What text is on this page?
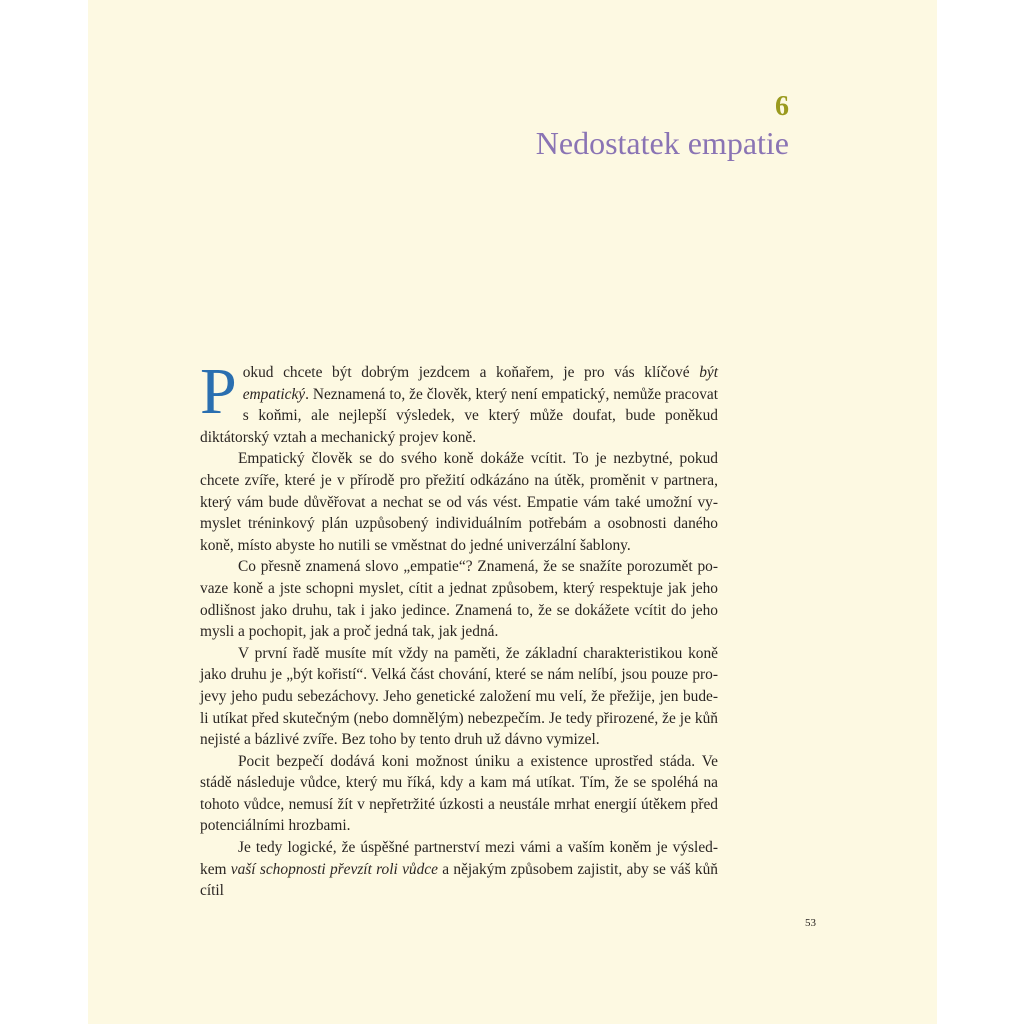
6
Nedostatek empatie

Pokud chcete být dobrým jezdcem a koňařem, je pro vás klíčové být empatický. Neznamená to, že člověk, který není empatický, nemůže pracovat s koňmi, ale nejlepší výsledek, ve který může doufat, bude poněkud diktátorský vztah a mechanický projev koně.

Empatický člověk se do svého koně dokáže vcítit. To je nezbytné, pokud chcete zvíře, které je v přírodě pro přežití odkázáno na útěk, proměnit v partnera, který vám bude důvěřovat a nechat se od vás vést. Empatie vám také umožní vymyslet tréninkový plán uzpůsobený individuálním potřebám a osobnosti daného koně, místo abyste ho nutili se vměstnat do jedné univerzální šablony.

Co přesně znamená slovo „empatie“? Znamená, že se snažíte porozumět povaze koně a jste schopni myslet, cítit a jednat způsobem, který respektuje jak jeho odlišnost jako druhu, tak i jako jedince. Znamená to, že se dokážete vcítit do jeho mysli a pochopit, jak a proč jedná tak, jak jedná.

V první řadě musíte mít vždy na paměti, že základní charakteristikou koně jako druhu je „být kořistí“. Velká část chování, které se nám nelíbí, jsou pouze projevy jeho pudu sebezáchovy. Jeho genetické založení mu velí, že přežije, jen bude-li utíkat před skutečným (nebo domnělým) nebezpečím. Je tedy přirozené, že je kůň nejisté a bázlivé zvíře. Bez toho by tento druh už dávno vymizel.

Pocit bezpečí dodává koni možnost úniku a existence uprostřed stáda. Ve stádě následuje vůdce, který mu říká, kdy a kam má utíkat. Tím, že se spoléhá na tohoto vůdce, nemusí žít v nepřetržité úzkosti a neustále mrhat energií útěkem před potenciálními hrozbami.

Je tedy logické, že úspěšné partnerství mezi vámi a vaším koněm je výsledkem vaší schopnosti převzít roli vůdce a nějakým způsobem zajistit, aby se váš kůň cítil

53
